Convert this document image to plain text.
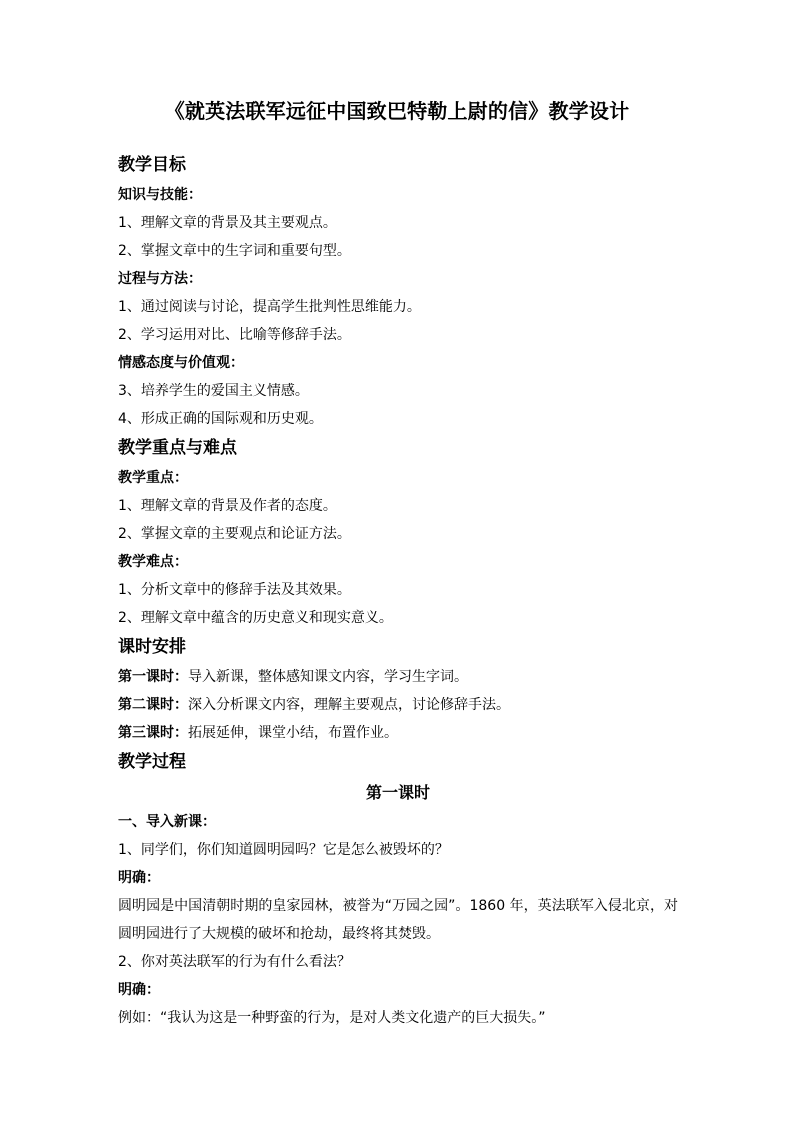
《就英法联军远征中国致巴特勒上尉的信》教学设计
教学目标
知识与技能：
1、理解文章的背景及其主要观点。
2、掌握文章中的生字词和重要句型。
过程与方法：
1、通过阅读与讨论，提高学生批判性思维能力。
2、学习运用对比、比喻等修辞手法。
情感态度与价值观：
3、培养学生的爱国主义情感。
4、形成正确的国际观和历史观。
教学重点与难点
教学重点：
1、理解文章的背景及作者的态度。
2、掌握文章的主要观点和论证方法。
教学难点：
1、分析文章中的修辞手法及其效果。
2、理解文章中蕴含的历史意义和现实意义。
课时安排
第一课时：导入新课，整体感知课文内容，学习生字词。
第二课时：深入分析课文内容，理解主要观点，讨论修辞手法。
第三课时：拓展延伸，课堂小结，布置作业。
教学过程
第一课时
一、导入新课：
1、同学们，你们知道圆明园吗？它是怎么被毁坏的？
明确：
圆明园是中国清朝时期的皇家园林，被誉为“万园之园”。1860 年，英法联军入侵北京，对圆明园进行了大规模的破坏和抢劫，最终将其焚毁。
2、你对英法联军的行为有什么看法？
明确：
例如：“我认为这是一种野蛮的行为，是对人类文化遗产的巨大损失。”
